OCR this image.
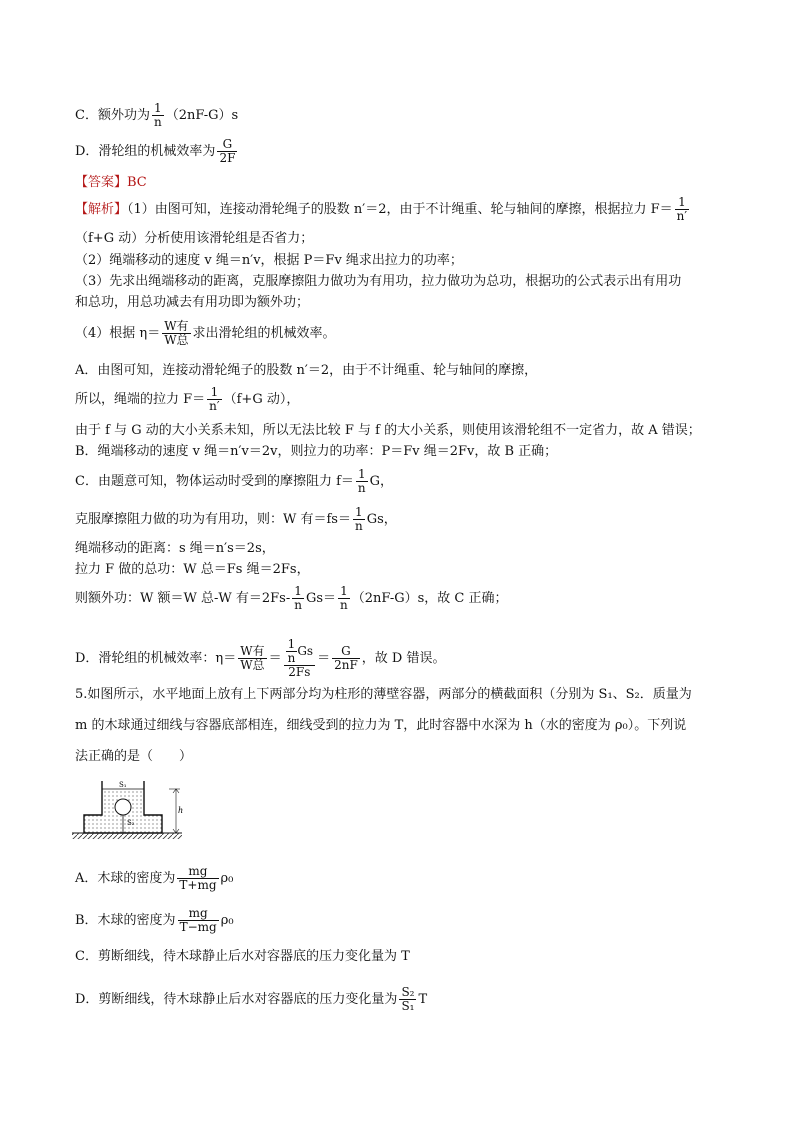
C．额外功为 $\frac{1}{n} (2nF-G)s$
D．滑轮组的机械效率为 $\frac{G}{2F}$
【答案】BC
【解析】（1）由图可知，连接动滑轮绳子的股数 n′＝2，由于不计绳重、轮与轴间的摩擦，根据拉力 $F= \frac{1}{n'}$
（f+G 动）分析使用该滑轮组是否省力；
（2）绳端移动的速度 v 绳＝n′v，根据 P＝Fv 绳求出拉力的功率；
（3）先求出绳端移动的距离，克服摩擦阻力做功为有用功，拉力做功为总功，根据功的公式表示出有用功
和总功，用总功减去有用功即为额外功；
（4）根据 $\eta= \frac{\text{W有}}{\text{W总}}$ 求出滑轮组的机械效率。
A．由图可知，连接动滑轮绳子的股数 n′＝2，由于不计绳重、轮与轴间的摩擦，
所以，绳端的拉力 $F= \frac{1}{n'} (f+G$ 动），
由于 f 与 G 动的大小关系未知，所以无法比较 F 与 f 的大小关系，则使用该滑轮组不一定省力，故 A 错误；
B．绳端移动的速度 v 绳＝n′v＝2v，则拉力的功率：P＝Fv 绳＝2Fv，故 B 正确；
C．由题意可知，物体运动时受到的摩擦阻力 $f= \frac{1}{n}$ G，
克服摩擦阻力做的功为有用功，则：W 有$=fs= \frac{1}{n}$ Gs，
绳端移动的距离：s 绳＝n′s＝2s，
拉力 F 做的总功：W 总＝Fs 绳＝2Fs，
则额外功：W 额＝W 总-W 有$=2Fs- \frac{1}{n} Gs= \frac{1}{n} (2nF-G)s$，故 C 正确；
D．滑轮组的机械效率：$\eta= \frac{\text{W有}}{\text{W总}} = \frac{\frac{1}{n} Gs}{2Fs} = \frac{G}{2nF}$ ，故 D 错误。
5.如图所示，水平地面上放有上下两部分均为柱形的薄壁容器，两部分的横截面积（分别为 S₁、S₂．质量为
m 的木球通过细线与容器底部相连，细线受到的拉力为 T，此时容器中水深为 h（水的密度为 ρ₀）。下列说
法正确的是（　　）
S₁
S₂
h
A．木球的密度为 $\frac{mg}{T+mg} \rho_0$
B．木球的密度为 $\frac{mg}{T-mg} \rho_0$
C．剪断细线，待木球静止后水对容器底的压力变化量为 T
D．剪断细线，待木球静止后水对容器底的压力变化量为 $\frac{\text{S₂}}{\text{S₁}}$ T
